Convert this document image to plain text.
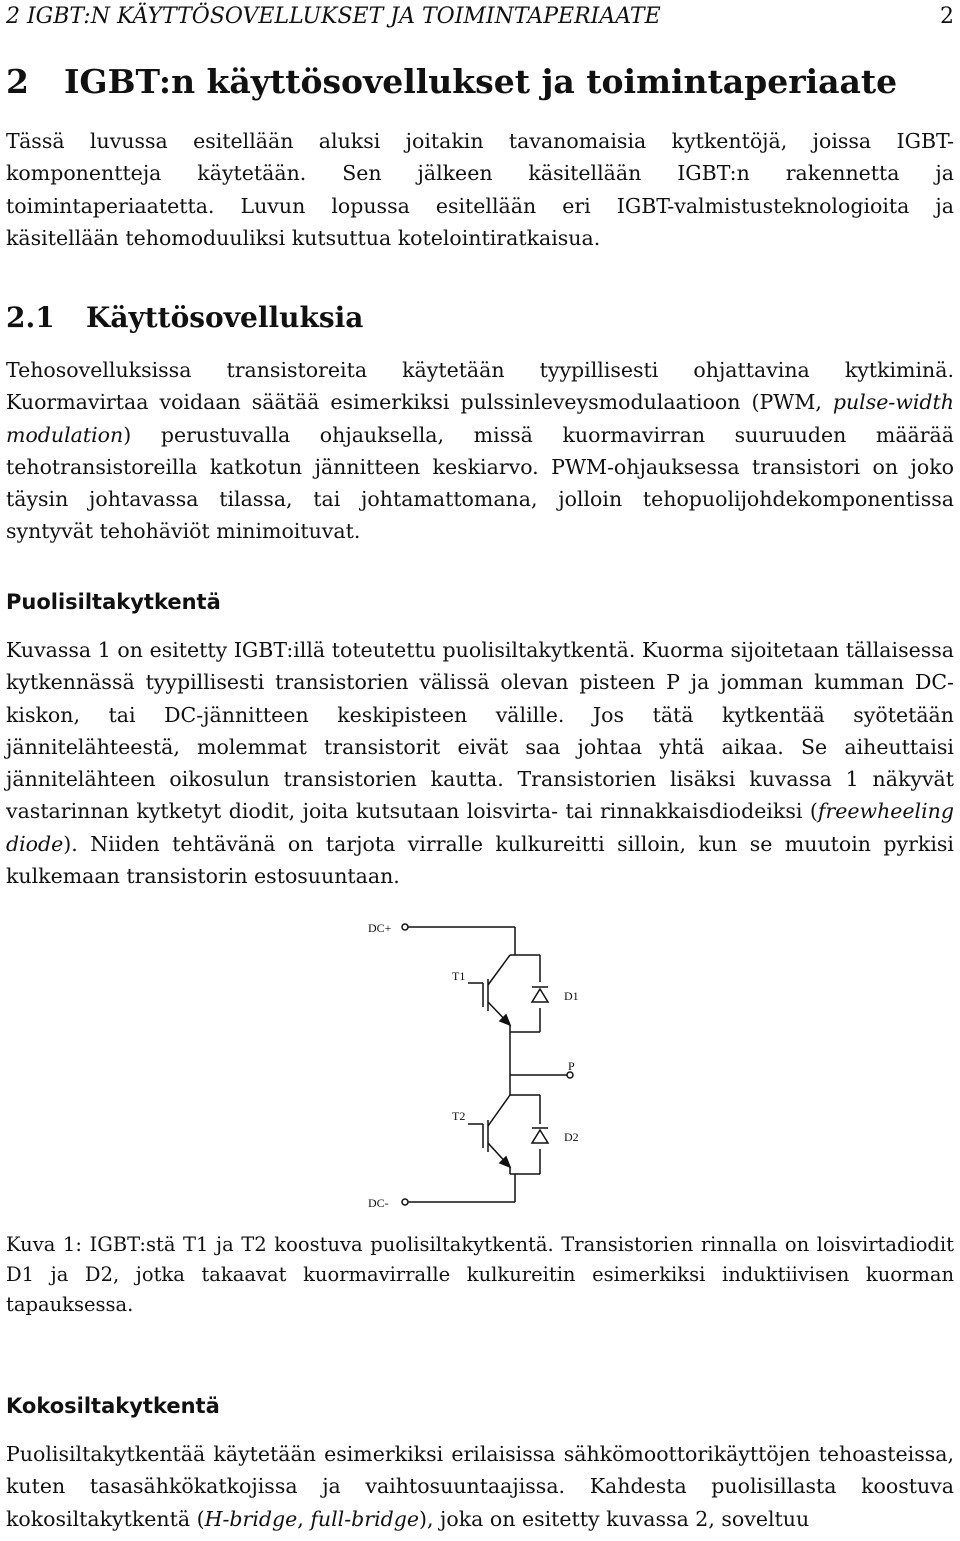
2 IGBT:N KÄYTTÖSOVELLUKSET JA TOIMINTAPERIAATE	2
2 IGBT:n käyttösovellukset ja toimintaperiaate

Tässä luvussa esitellään aluksi joitakin tavanomaisia kytkentöjä, joissa IGBT-komponentteja käytetään. Sen jälkeen käsitellään IGBT:n rakennetta ja toimintaperiaatetta. Luvun lopussa esitellään eri IGBT-valmistusteknologioita ja käsitellään tehomoduuliksi kutsuttua kotelointiratkaisua.

2.1 Käyttösovelluksia

Tehosovelluksissa transistoreita käytetään tyypillisesti ohjattavina kytkiminä. Kuormavirtaa voidaan säätää esimerkiksi pulssinleveysmodulaatioon (PWM, pulse-width modulation) perustuvalla ohjauksella, missä kuormavirran suuruuden määrää tehotransistoreilla katkotun jännitteen keskiarvo. PWM-ohjauksessa transistori on joko täysin johtavassa tilassa, tai johtamattomana, jolloin tehopuolijohdekomponentissa syntyvät tehohäviöt minimoituvat.

Puolisiltakytkentä

Kuvassa 1 on esitetty IGBT:illä toteutettu puolisiltakytkentä. Kuorma sijoitetaan tällaisessa kytkennässä tyypillisesti transistorien välissä olevan pisteen P ja jomman kumman DC-kiskon, tai DC-jännitteen keskipisteen välille. Jos tätä kytkentää syötetään jännitelähteestä, molemmat transistorit eivät saa johtaa yhtä aikaa. Se aiheuttaisi jännitelähteen oikosulun transistorien kautta. Transistorien lisäksi kuvassa 1 näkyvät vastarinnan kytketyt diodit, joita kutsutaan loisvirta- tai rinnakkaisdiodeiksi (freewheeling diode). Niiden tehtävänä on tarjota virralle kulkureitti silloin, kun se muutoin pyrkisi kulkemaan transistorin estosuuntaan.

DC+
T1
D1
P
T2
D2
DC-

Kuva 1: IGBT:stä T1 ja T2 koostuva puolisiltakytkentä. Transistorien rinnalla on loisvirtadiodit D1 ja D2, jotka takaavat kuormavirralle kulkureitin esimerkiksi induktiivisen kuorman tapauksessa.

Kokosiltakytkentä

Puolisiltakytkentää käytetään esimerkiksi erilaisissa sähkömoottorikäyttöjen tehoasteissa, kuten tasasähkökatkojissa ja vaihtosuuntaajissa. Kahdesta puolisillasta koostuva kokosiltakytkentä (H-bridge, full-bridge), joka on esitetty kuvassa 2, soveltuu
